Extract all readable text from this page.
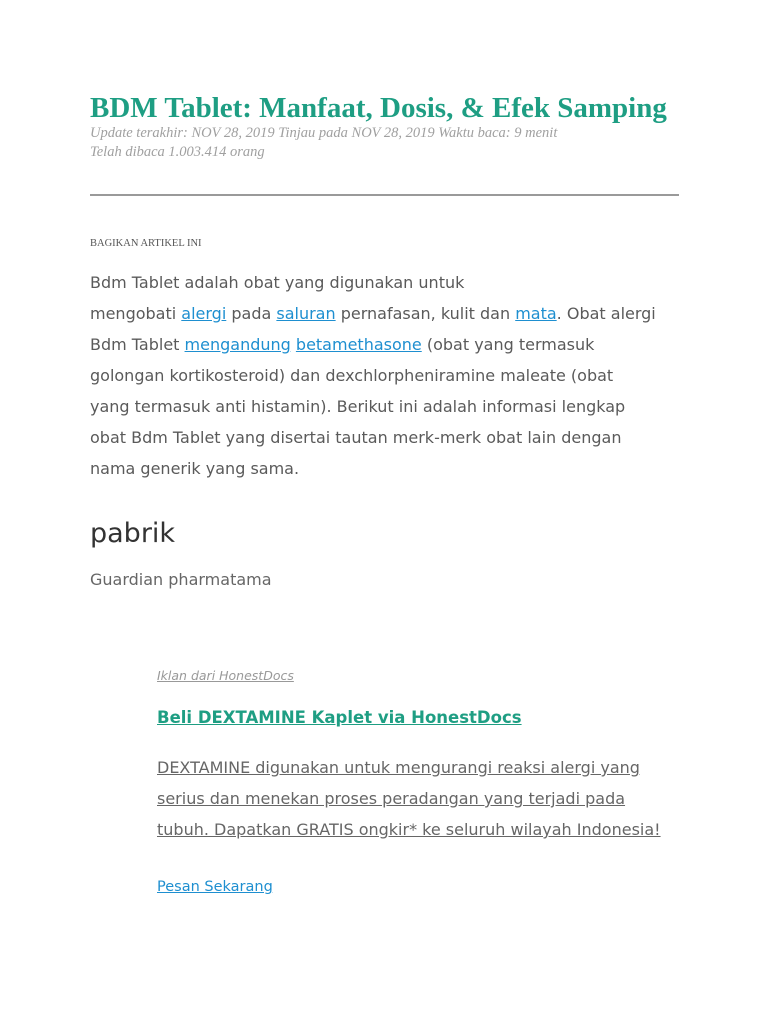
BDM Tablet: Manfaat, Dosis, & Efek Samping
Update terakhir: NOV 28, 2019 Tinjau pada NOV 28, 2019 Waktu baca: 9 menit
Telah dibaca 1.003.414 orang
BAGIKAN ARTIKEL INI
Bdm Tablet adalah obat yang digunakan untuk
mengobati alergi pada saluran pernafasan, kulit dan mata. Obat alergi
Bdm Tablet mengandung betamethasone (obat yang termasuk
golongan kortikosteroid) dan dexchlorpheniramine maleate (obat
yang termasuk anti histamin). Berikut ini adalah informasi lengkap
obat Bdm Tablet yang disertai tautan merk-merk obat lain dengan
nama generik yang sama.
pabrik
Guardian pharmatama
Iklan dari HonestDocs
Beli DEXTAMINE Kaplet via HonestDocs
DEXTAMINE digunakan untuk mengurangi reaksi alergi yang
serius dan menekan proses peradangan yang terjadi pada
tubuh. Dapatkan GRATIS ongkir* ke seluruh wilayah Indonesia!
Pesan Sekarang
